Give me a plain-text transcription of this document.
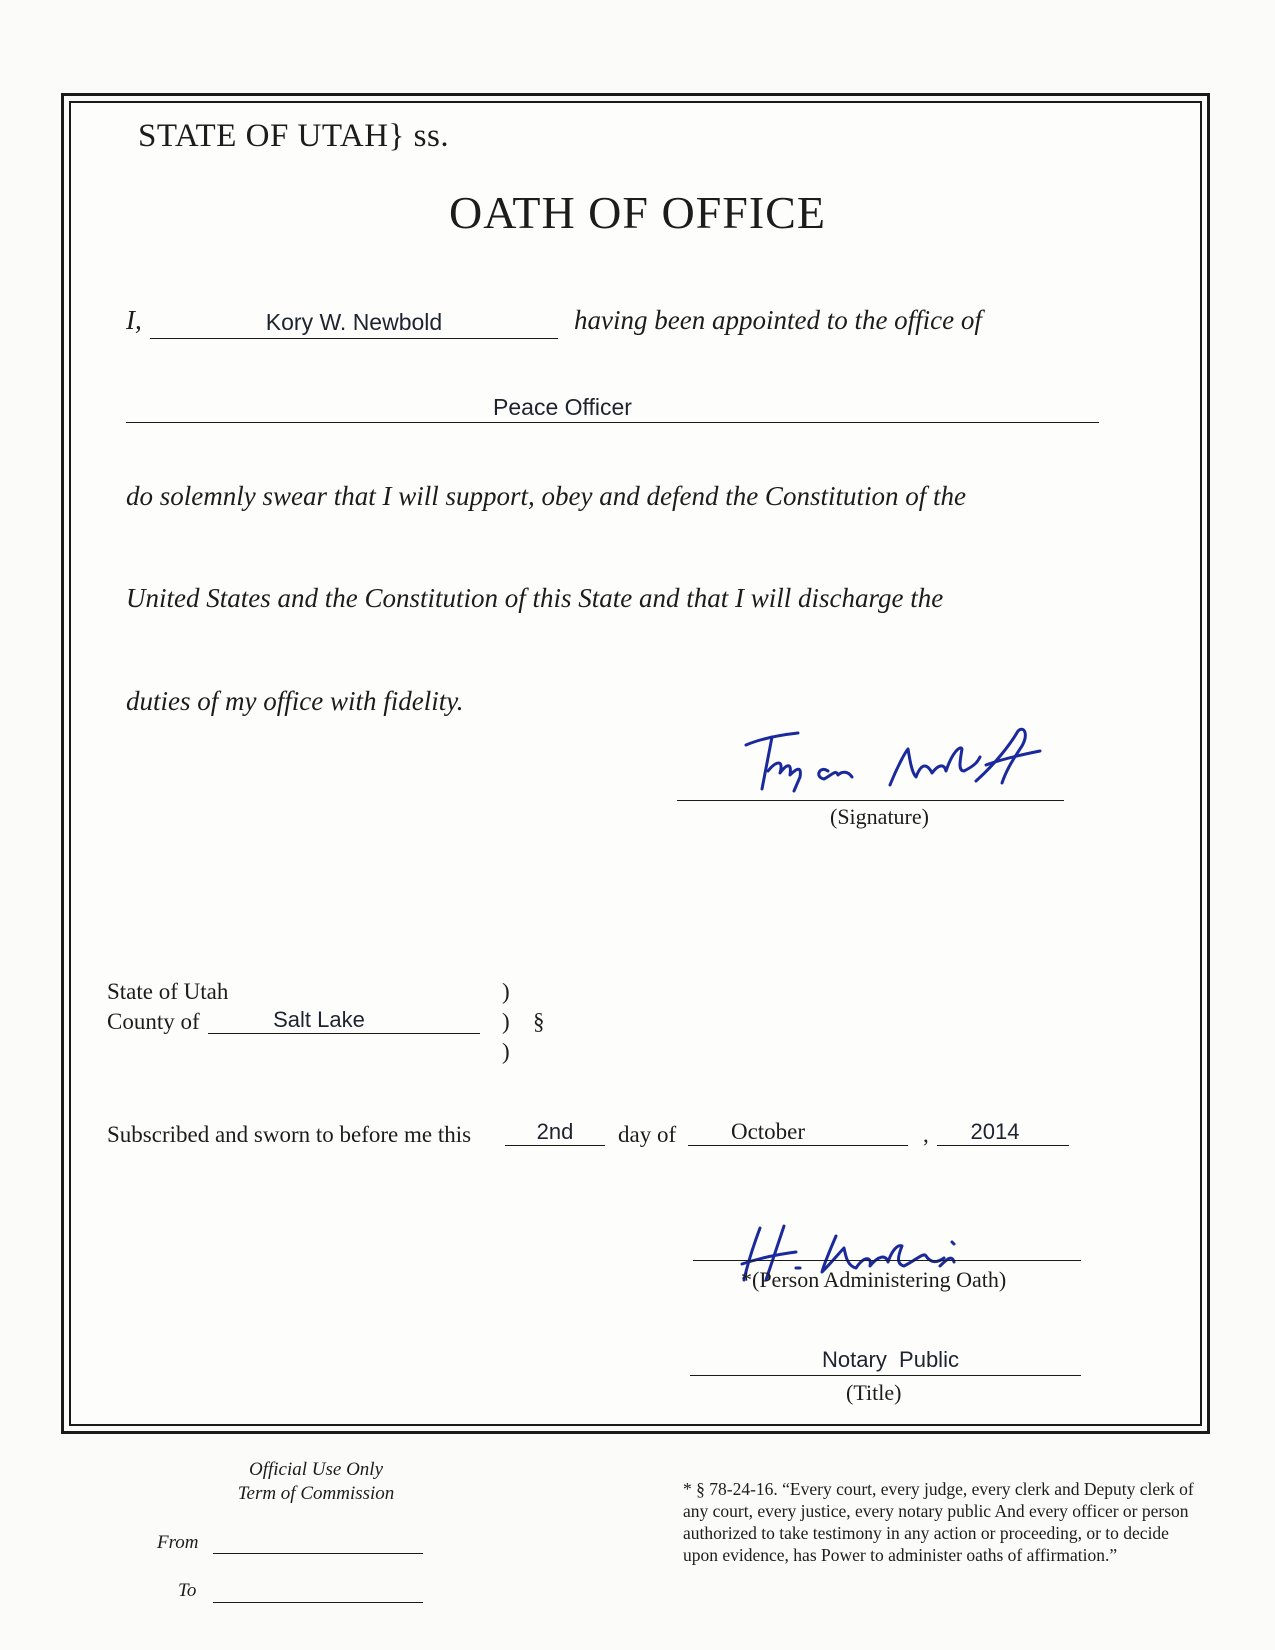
STATE OF UTAH} ss.
OATH OF OFFICE
I,	Kory W. Newbold	having been appointed to the office of
Peace Officer
do solemnly swear that I will support, obey and defend the Constitution of the
United States and the Constitution of this State and that I will discharge the
duties of my office with fidelity.
(Signature)
State of Utah
County of	Salt Lake
)
)
)
§
Subscribed and sworn to before me this	2nd	day of	October	,	2014
*(Person Administering Oath)
Notary  Public
(Title)
Official Use Only
Term of Commission
From
To
* § 78-24-16. “Every court, every judge, every clerk and Deputy clerk of any court, every justice, every notary public And every officer or person authorized to take testimony in any action or proceeding, or to decide upon evidence, has Power to administer oaths of affirmation.”
